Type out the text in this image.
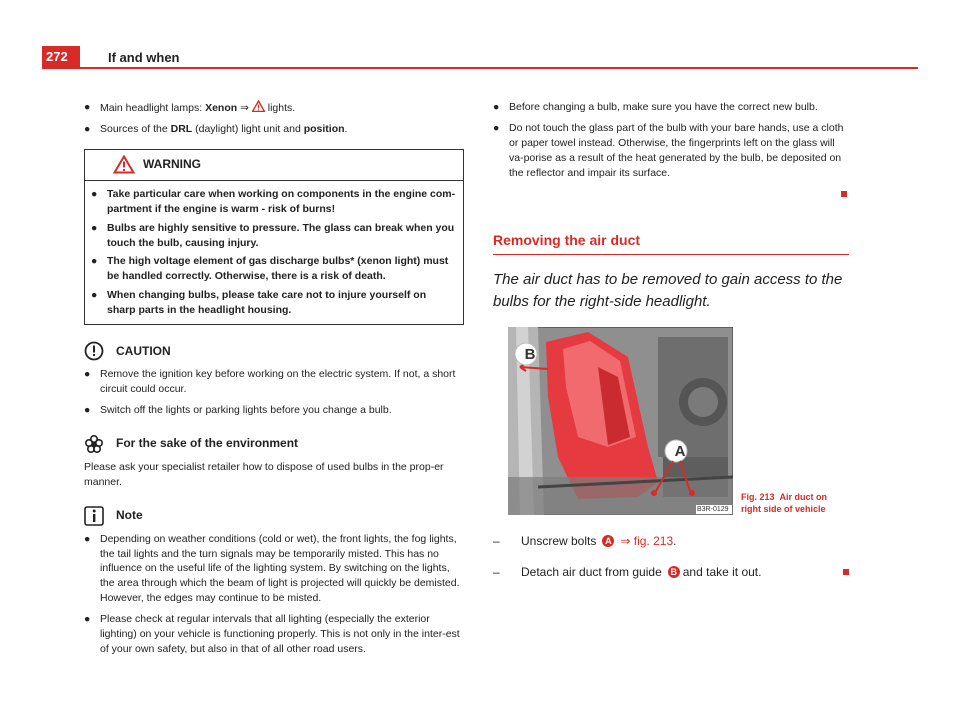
272	If and when

● Main headlight lamps: Xenon ⇒  lights.

● Sources of the DRL (daylight) light unit and position.

WARNING

● Take particular care when working on components in the engine com-partment if the engine is warm - risk of burns!

● Bulbs are highly sensitive to pressure. The glass can break when you touch the bulb, causing injury.

● The high voltage element of gas discharge bulbs* (xenon light) must be handled correctly. Otherwise, there is a risk of death.

● When changing bulbs, please take care not to injure yourself on sharp parts in the headlight housing.

CAUTION

● Remove the ignition key before working on the electric system. If not, a short circuit could occur.

● Switch off the lights or parking lights before you change a bulb.

For the sake of the environment

Please ask your specialist retailer how to dispose of used bulbs in the prop-er manner.

Note

● Depending on weather conditions (cold or wet), the front lights, the fog lights, the tail lights and the turn signals may be temporarily misted. This has no influence on the useful life of the lighting system. By switching on the lights, the area through which the beam of light is projected will quickly be demisted. However, the edges may continue to be misted.

● Please check at regular intervals that all lighting (especially the exterior lighting) on your vehicle is functioning properly. This is not only in the inter-est of your own safety, but also in that of all other road users.

● Before changing a bulb, make sure you have the correct new bulb.

● Do not touch the glass part of the bulb with your bare hands, use a cloth or paper towel instead. Otherwise, the fingerprints left on the glass will va-porise as a result of the heat generated by the bulb, be deposited on the reflector and impair its surface.

Removing the air duct
The air duct has to be removed to gain access to the bulbs for the right-side headlight.
B
A
B3R-0129
Fig. 213 Air duct on
right side of vehicle
–	Unscrew bolts A ⇒ fig. 213 .
–	Detach air duct from guide B and take it out.
